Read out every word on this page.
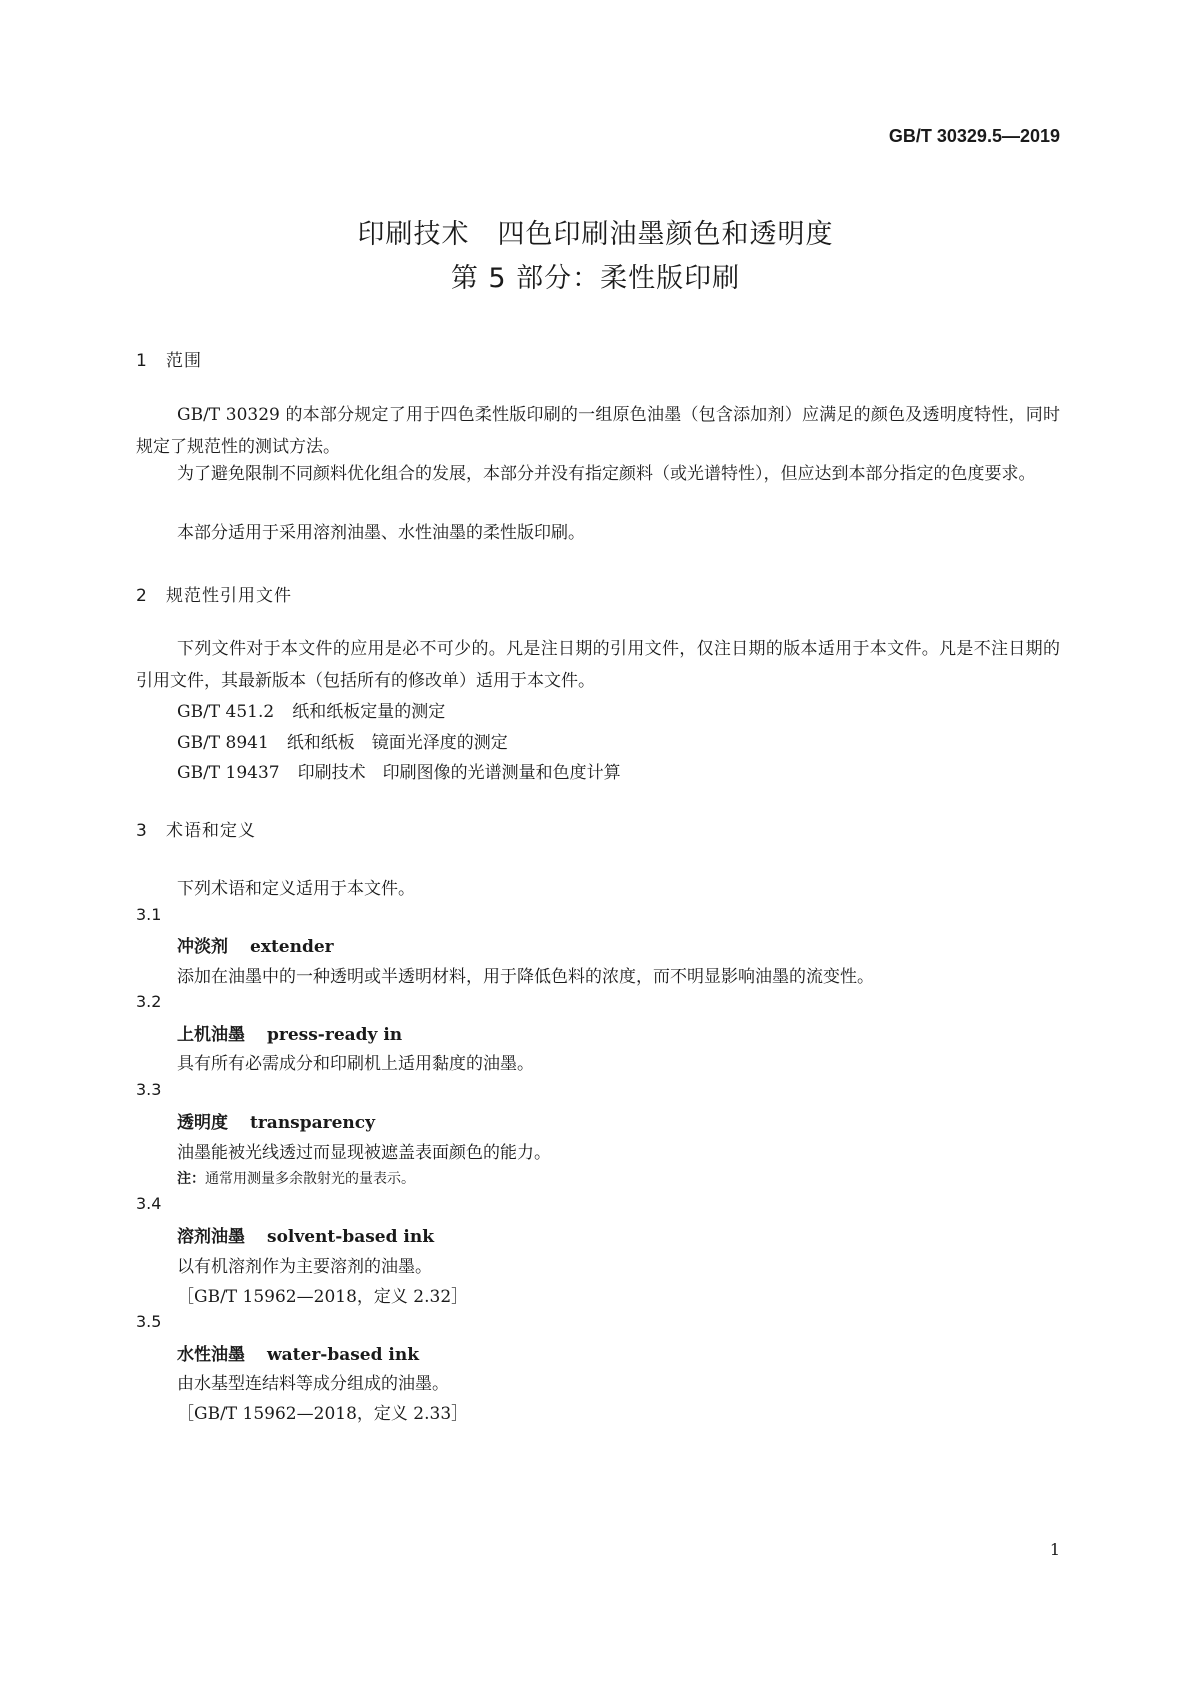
GB/T 30329.5—2019
印刷技术　四色印刷油墨颜色和透明度
第 5 部分：柔性版印刷
1 范围
GB/T 30329 的本部分规定了用于四色柔性版印刷的一组原色油墨（包含添加剂）应满足的颜色及透明度特性，同时规定了规范性的测试方法。
为了避免限制不同颜料优化组合的发展，本部分并没有指定颜料（或光谱特性），但应达到本部分指定的色度要求。
本部分适用于采用溶剂油墨、水性油墨的柔性版印刷。
2 规范性引用文件
下列文件对于本文件的应用是必不可少的。凡是注日期的引用文件，仅注日期的版本适用于本文件。凡是不注日期的引用文件，其最新版本（包括所有的修改单）适用于本文件。
GB/T 451.2 纸和纸板定量的测定
GB/T 8941 纸和纸板　镜面光泽度的测定
GB/T 19437 印刷技术　印刷图像的光谱测量和色度计算
3 术语和定义
下列术语和定义适用于本文件。
3.1
冲淡剂 extender
添加在油墨中的一种透明或半透明材料，用于降低色料的浓度，而不明显影响油墨的流变性。
3.2
上机油墨 press-ready in
具有所有必需成分和印刷机上适用黏度的油墨。
3.3
透明度 transparency
油墨能被光线透过而显现被遮盖表面颜色的能力。
注：通常用测量多余散射光的量表示。
3.4
溶剂油墨 solvent-based ink
以有机溶剂作为主要溶剂的油墨。
［GB/T 15962—2018，定义 2.32］
3.5
水性油墨 water-based ink
由水基型连结料等成分组成的油墨。
［GB/T 15962—2018，定义 2.33］
1
